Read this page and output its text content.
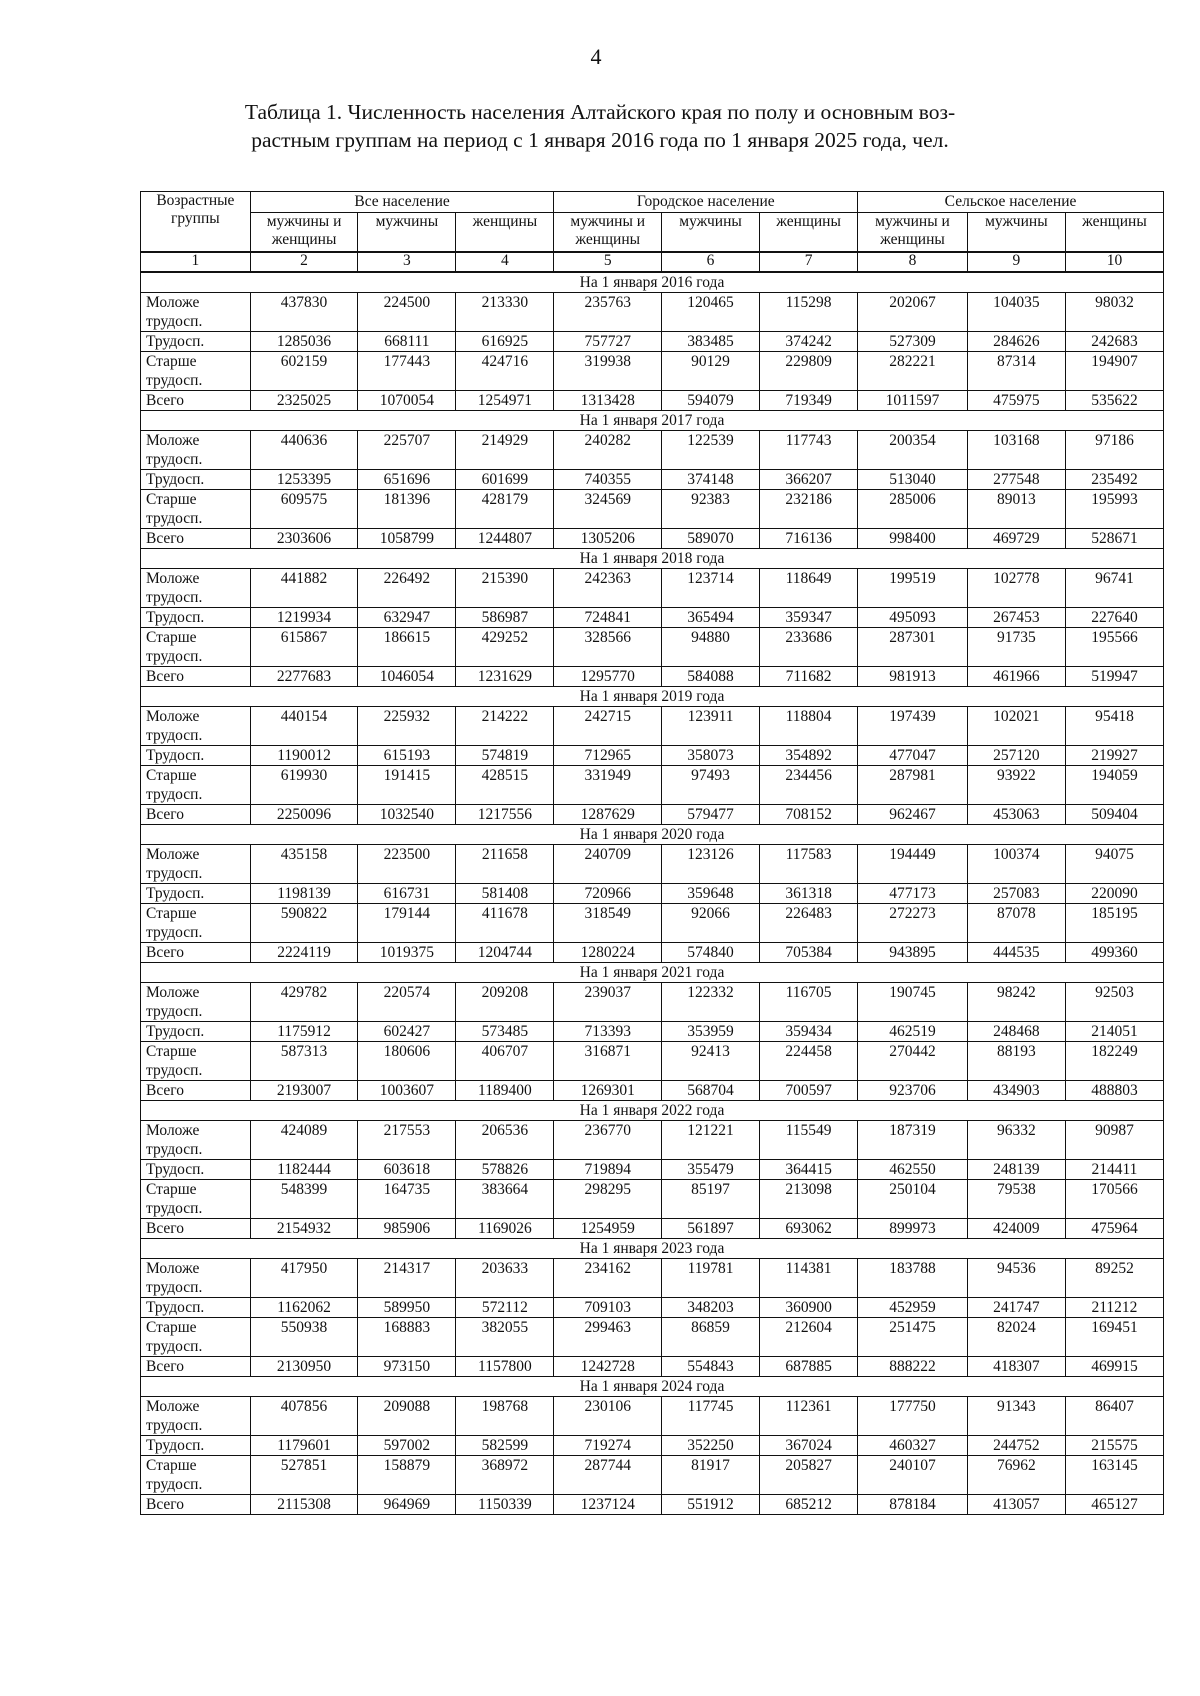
4
Таблица 1. Численность населения Алтайского края по полу и основным воз-
растным группам на период с 1 января 2016 года по 1 января 2025 года, чел.
Возрастные группы	Все население			Городское население			Сельское население		
	мужчины и женщины	мужчины	женщины	мужчины и женщины	мужчины	женщины	мужчины и женщины	мужчины	женщины
1	2	3	4	5	6	7	8	9	10
На 1 января 2016 года									
Моложе трудосп.	437830	224500	213330	235763	120465	115298	202067	104035	98032
Трудосп.	1285036	668111	616925	757727	383485	374242	527309	284626	242683
Старше трудосп.	602159	177443	424716	319938	90129	229809	282221	87314	194907
Всего	2325025	1070054	1254971	1313428	594079	719349	1011597	475975	535622
На 1 января 2017 года									
Моложе трудосп.	440636	225707	214929	240282	122539	117743	200354	103168	97186
Трудосп.	1253395	651696	601699	740355	374148	366207	513040	277548	235492
Старше трудосп.	609575	181396	428179	324569	92383	232186	285006	89013	195993
Всего	2303606	1058799	1244807	1305206	589070	716136	998400	469729	528671
На 1 января 2018 года									
Моложе трудосп.	441882	226492	215390	242363	123714	118649	199519	102778	96741
Трудосп.	1219934	632947	586987	724841	365494	359347	495093	267453	227640
Старше трудосп.	615867	186615	429252	328566	94880	233686	287301	91735	195566
Всего	2277683	1046054	1231629	1295770	584088	711682	981913	461966	519947
На 1 января 2019 года									
Моложе трудосп.	440154	225932	214222	242715	123911	118804	197439	102021	95418
Трудосп.	1190012	615193	574819	712965	358073	354892	477047	257120	219927
Старше трудосп.	619930	191415	428515	331949	97493	234456	287981	93922	194059
Всего	2250096	1032540	1217556	1287629	579477	708152	962467	453063	509404
На 1 января 2020 года									
Моложе трудосп.	435158	223500	211658	240709	123126	117583	194449	100374	94075
Трудосп.	1198139	616731	581408	720966	359648	361318	477173	257083	220090
Старше трудосп.	590822	179144	411678	318549	92066	226483	272273	87078	185195
Всего	2224119	1019375	1204744	1280224	574840	705384	943895	444535	499360
На 1 января 2021 года									
Моложе трудосп.	429782	220574	209208	239037	122332	116705	190745	98242	92503
Трудосп.	1175912	602427	573485	713393	353959	359434	462519	248468	214051
Старше трудосп.	587313	180606	406707	316871	92413	224458	270442	88193	182249
Всего	2193007	1003607	1189400	1269301	568704	700597	923706	434903	488803
На 1 января 2022 года									
Моложе трудосп.	424089	217553	206536	236770	121221	115549	187319	96332	90987
Трудосп.	1182444	603618	578826	719894	355479	364415	462550	248139	214411
Старше трудосп.	548399	164735	383664	298295	85197	213098	250104	79538	170566
Всего	2154932	985906	1169026	1254959	561897	693062	899973	424009	475964
На 1 января 2023 года									
Моложе трудосп.	417950	214317	203633	234162	119781	114381	183788	94536	89252
Трудосп.	1162062	589950	572112	709103	348203	360900	452959	241747	211212
Старше трудосп.	550938	168883	382055	299463	86859	212604	251475	82024	169451
Всего	2130950	973150	1157800	1242728	554843	687885	888222	418307	469915
На 1 января 2024 года									
Моложе трудосп.	407856	209088	198768	230106	117745	112361	177750	91343	86407
Трудосп.	1179601	597002	582599	719274	352250	367024	460327	244752	215575
Старше трудосп.	527851	158879	368972	287744	81917	205827	240107	76962	163145
Всего	2115308	964969	1150339	1237124	551912	685212	878184	413057	465127
